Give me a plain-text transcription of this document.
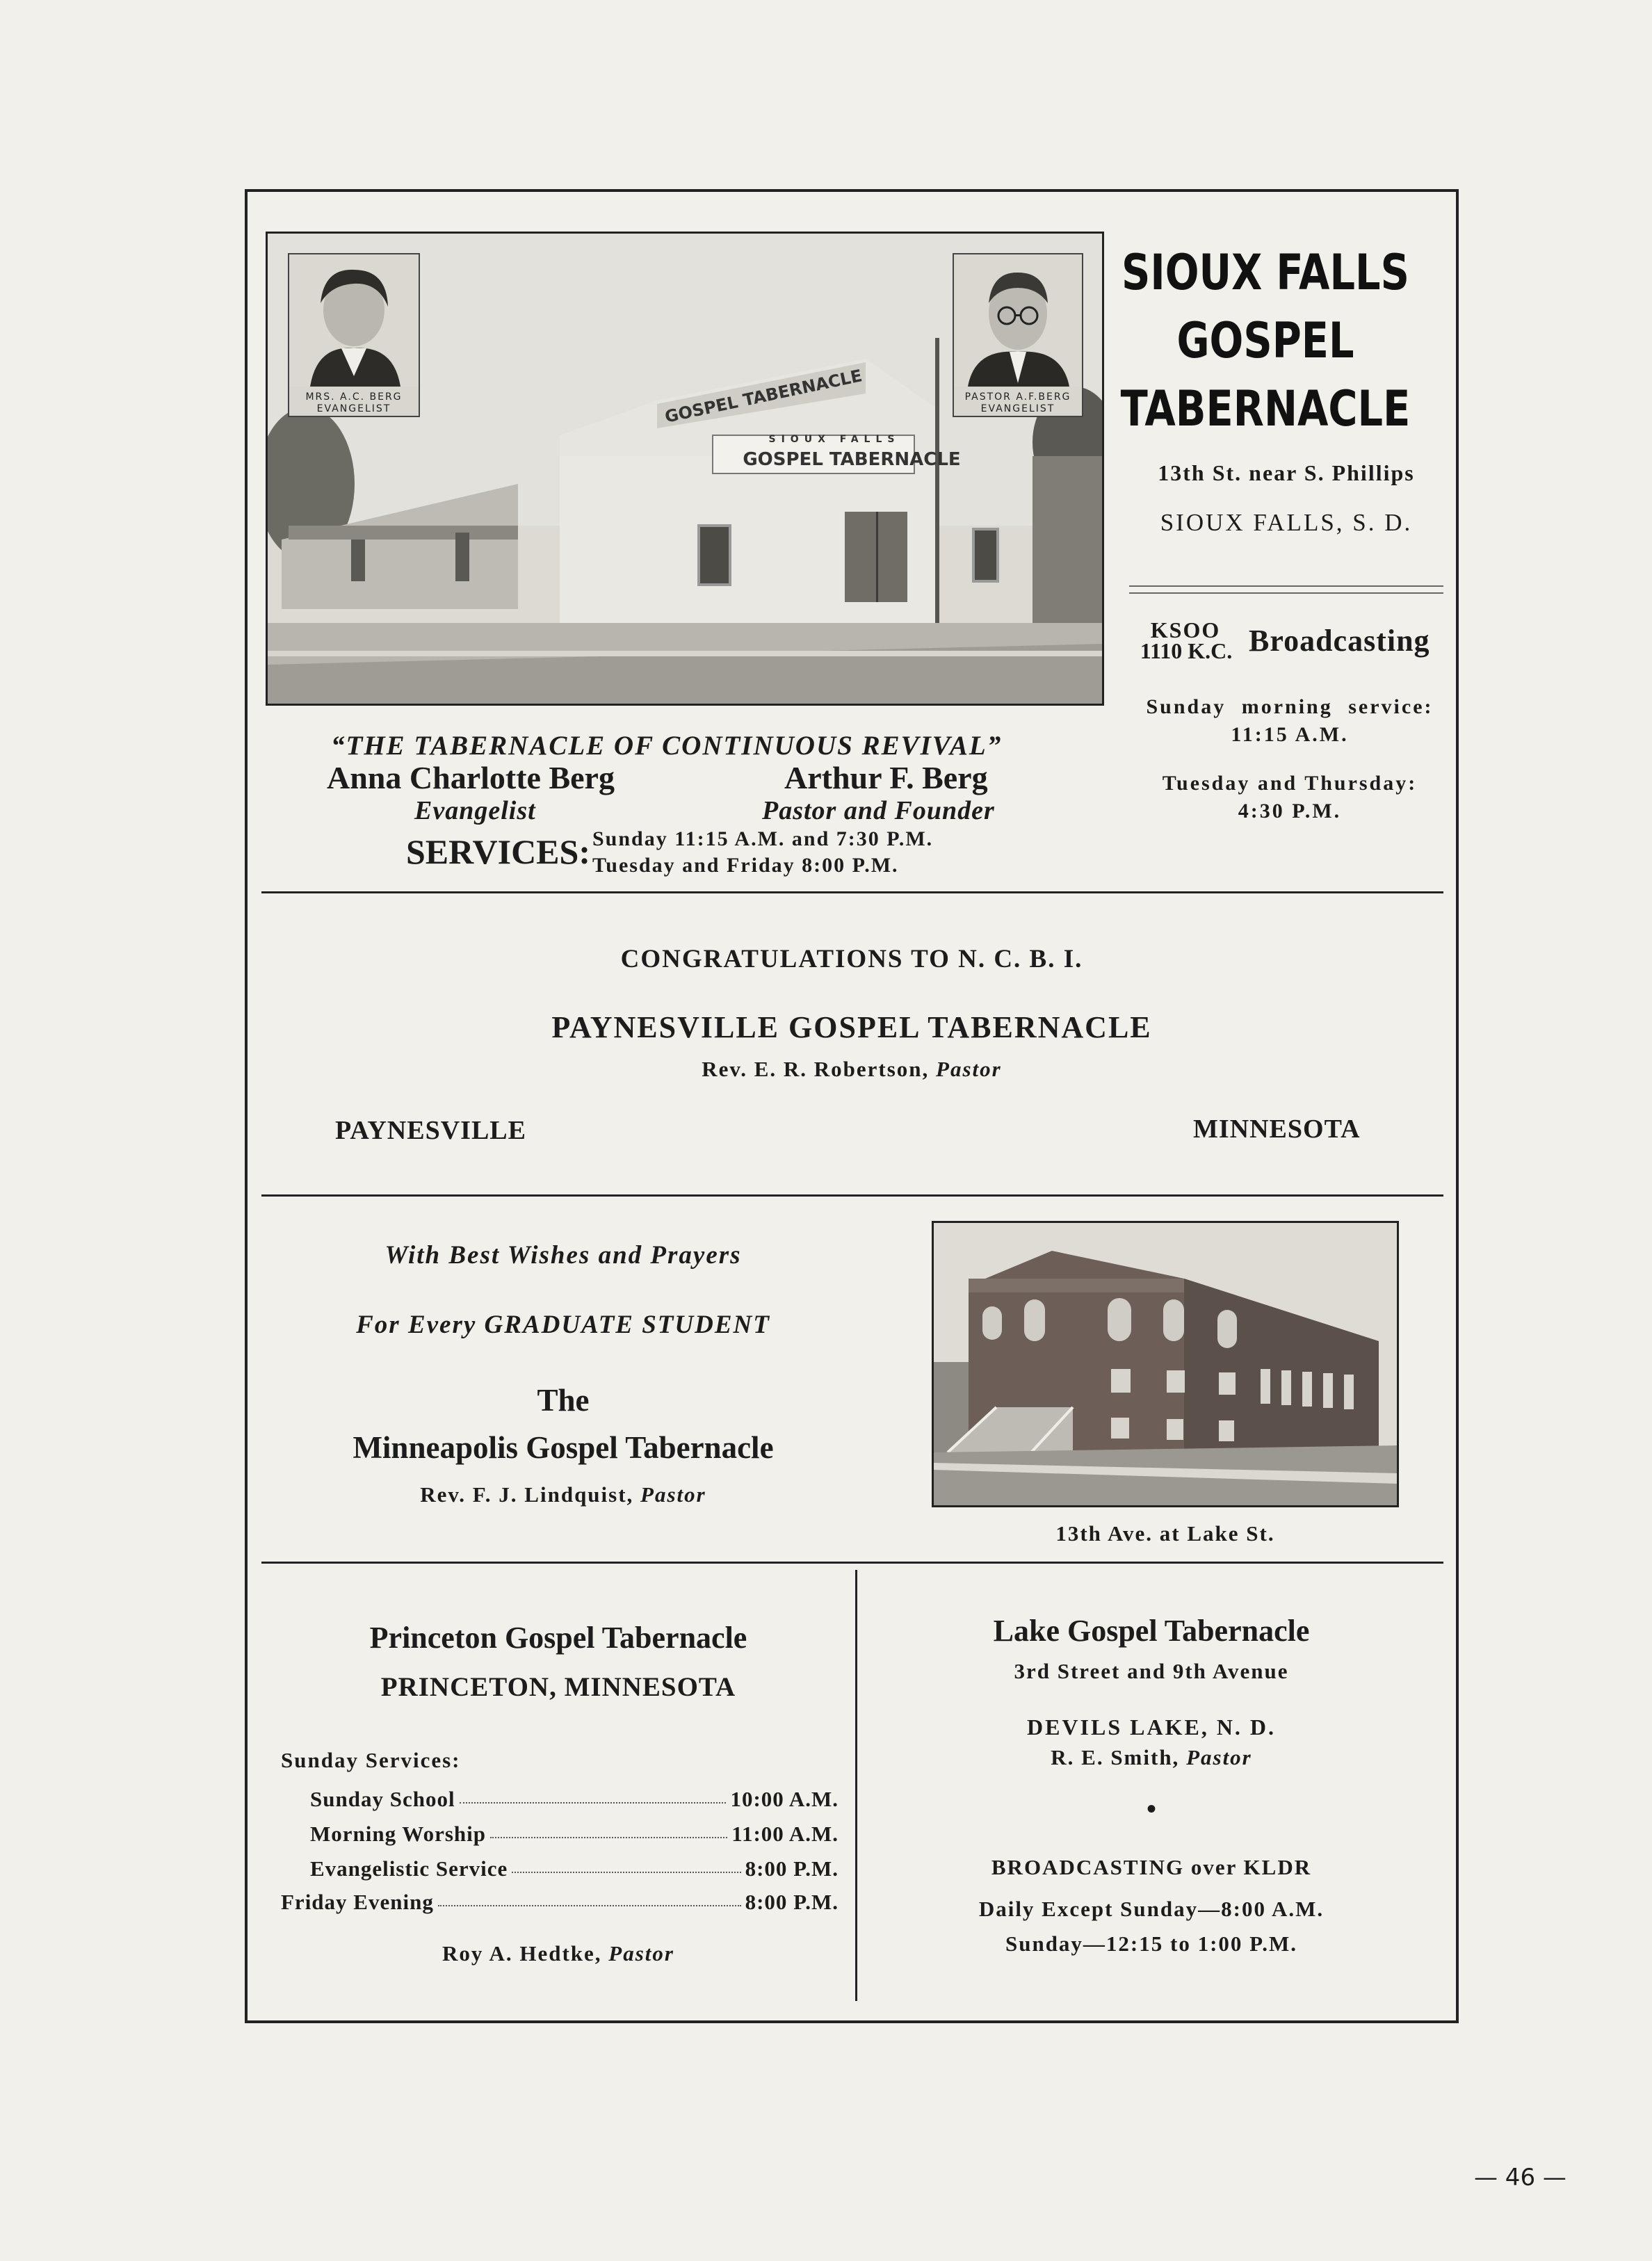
GOSPEL TABERNACLE
SIOUX FALLS
GOSPEL TABERNACLE
MRS. A.C. BERG
EVANGELIST
PASTOR A.F.BERG
EVANGELIST
SIOUX FALLS
GOSPEL
TABERNACLE
13th St. near S. Phillips
SIOUX FALLS, S. D.
KSOO
1110 K.C. Broadcasting
Sunday morning service:
11:15 A.M.
Tuesday and Thursday:
4:30 P.M.
“THE TABERNACLE OF CONTINUOUS REVIVAL”
Anna Charlotte Berg
Evangelist
Arthur F. Berg
Pastor and Founder
SERVICES: Sunday 11:15 A.M. and 7:30 P.M.
Tuesday and Friday 8:00 P.M.
CONGRATULATIONS TO N. C. B. I.
PAYNESVILLE GOSPEL TABERNACLE
Rev. E. R. Robertson, Pastor
PAYNESVILLE	MINNESOTA
With Best Wishes and Prayers
For Every GRADUATE STUDENT
The
Minneapolis Gospel Tabernacle
Rev. F. J. Lindquist, Pastor
13th Ave. at Lake St.
Princeton Gospel Tabernacle
PRINCETON, MINNESOTA
Sunday Services:
Sunday School	10:00 A.M.
Morning Worship	11:00 A.M.
Evangelistic Service	8:00 P.M.
Friday Evening	8:00 P.M.
Roy A. Hedtke, Pastor
Lake Gospel Tabernacle
3rd Street and 9th Avenue
DEVILS LAKE, N. D.
R. E. Smith, Pastor
•
BROADCASTING over KLDR
Daily Except Sunday—8:00 A.M.
Sunday—12:15 to 1:00 P.M.
— 46 —
